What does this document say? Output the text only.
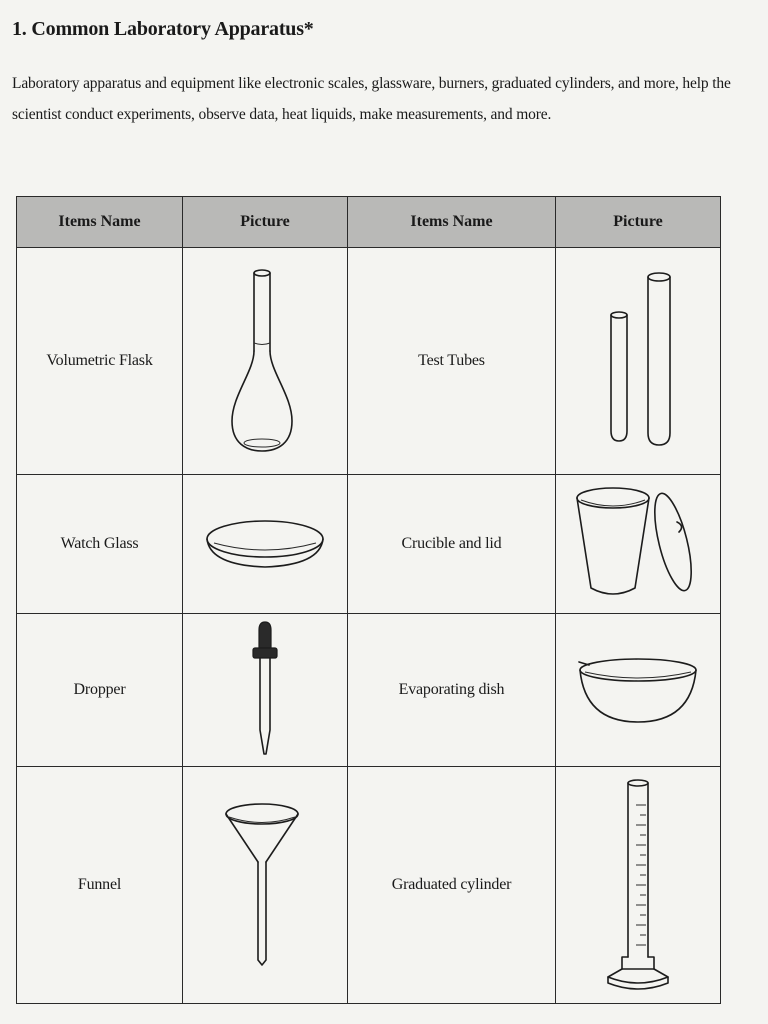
1. Common Laboratory Apparatus*
Laboratory apparatus and equipment like electronic scales, glassware, burners, graduated cylinders, and more, help the scientist conduct experiments, observe data, heat liquids, make measurements, and more.
Items Name	Picture	Items Name	Picture
Volumetric Flask		Test Tubes	

Watch Glass		Crucible and lid	

Dropper		Evaporating dish	

Funnel		Graduated cylinder	
